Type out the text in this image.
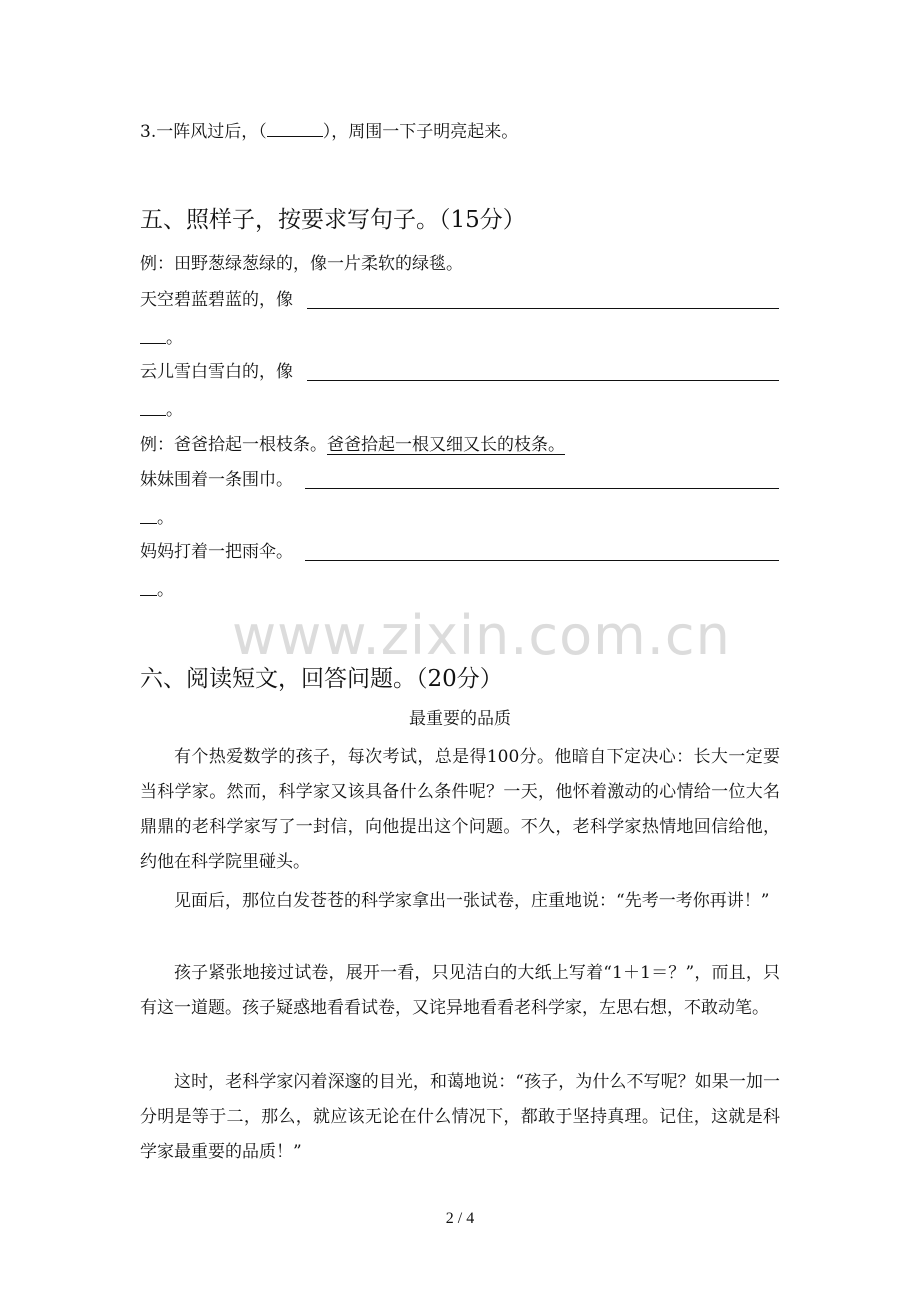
3.一阵风过后，（	），周围一下子明亮起来。
五、照样子，按要求写句子。（15分）
例：田野葱绿葱绿的，像一片柔软的绿毯。
天空碧蓝碧蓝的，像
。
云儿雪白雪白的，像
。
例：爸爸拾起一根枝条。爸爸拾起一根又细又长的枝条。
妹妹围着一条围巾。
。
妈妈打着一把雨伞。
。
www.zixin.com.cn
六、阅读短文，回答问题。（20分）
最重要的品质
有个热爱数学的孩子，每次考试，总是得100分。他暗自下定决心：长大一定要当科学家。然而，科学家又该具备什么条件呢？一天，他怀着激动的心情给一位大名鼎鼎的老科学家写了一封信，向他提出这个问题。不久，老科学家热情地回信给他，约他在科学院里碰头。
见面后，那位白发苍苍的科学家拿出一张试卷，庄重地说：“先考一考你再讲！”
孩子紧张地接过试卷，展开一看，只见洁白的大纸上写着“1＋1＝？”，而且，只有这一道题。孩子疑惑地看看试卷，又诧异地看看老科学家，左思右想，不敢动笔。
这时，老科学家闪着深邃的目光，和蔼地说：“孩子，为什么不写呢？如果一加一分明是等于二，那么，就应该无论在什么情况下，都敢于坚持真理。记住，这就是科学家最重要的品质！”
2 / 4
